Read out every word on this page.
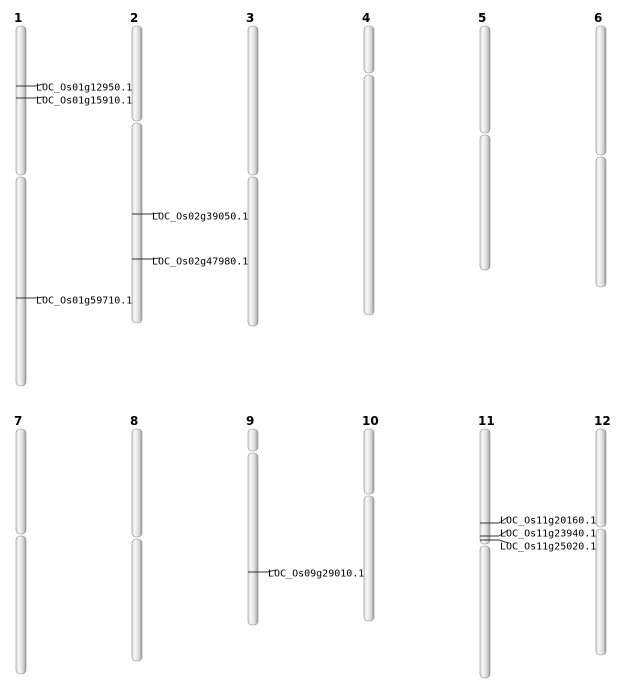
1
LOC_Os01g12950.1
LOC_Os01g15910.1
LOC_Os01g59710.1
2
LOC_Os02g39050.1
LOC_Os02g47980.1
3	4	5	6
7	8	9
LOC_Os09g29010.1
10	11
LOC_Os11g20160.1
LOC_Os11g23940.1
LOC_Os11g25020.1
12
